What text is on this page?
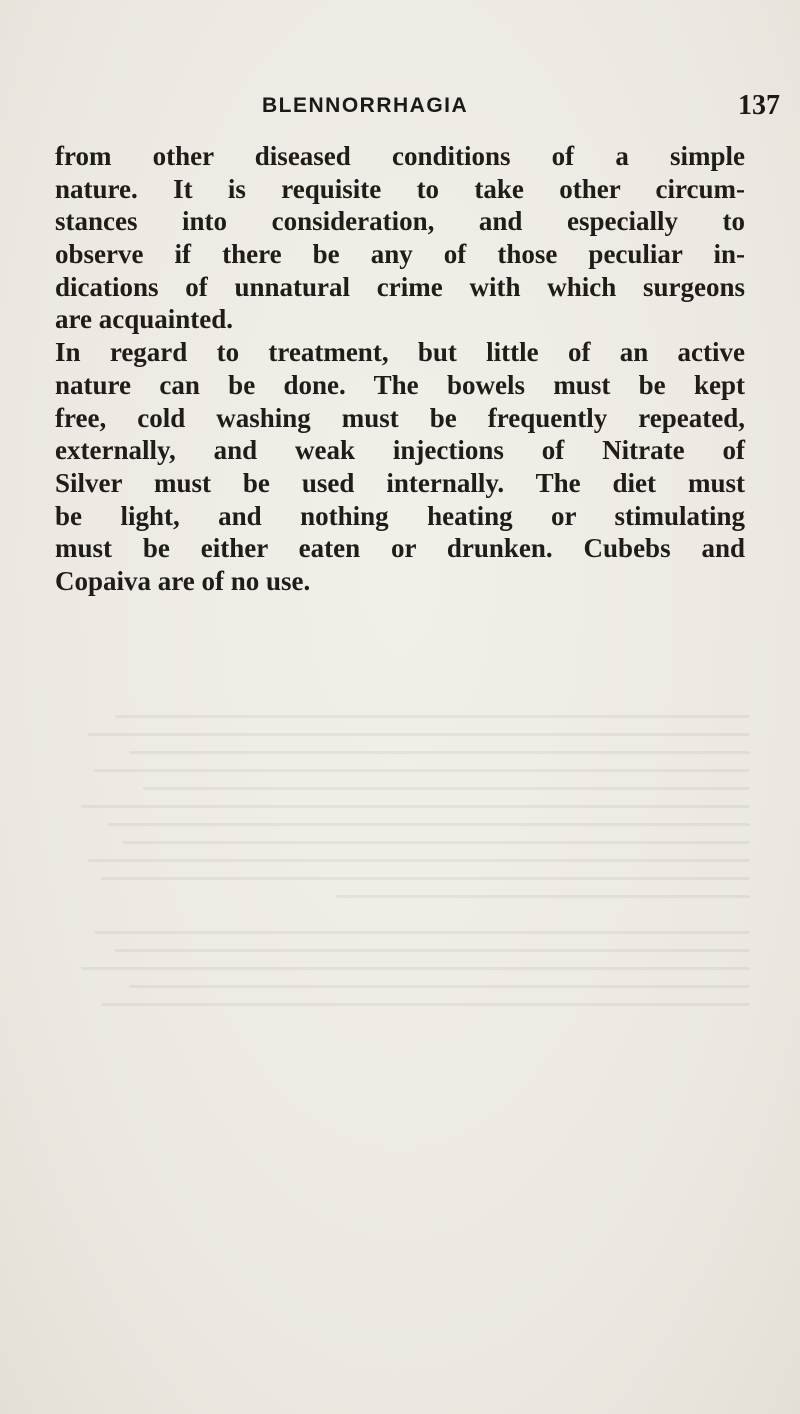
BLENNORRHAGIA	137
from other diseased conditions of a simple
nature. It is requisite to take other circum-
stances into consideration, and especially to
observe if there be any of those peculiar in-
dications of unnatural crime with which surgeons
are acquainted.
In regard to treatment, but little of an active
nature can be done. The bowels must be kept
free, cold washing must be frequently repeated,
externally, and weak injections of Nitrate of
Silver must be used internally. The diet must
be light, and nothing heating or stimulating
must be either eaten or drunken. Cubebs and
Copaiva are of no use.
